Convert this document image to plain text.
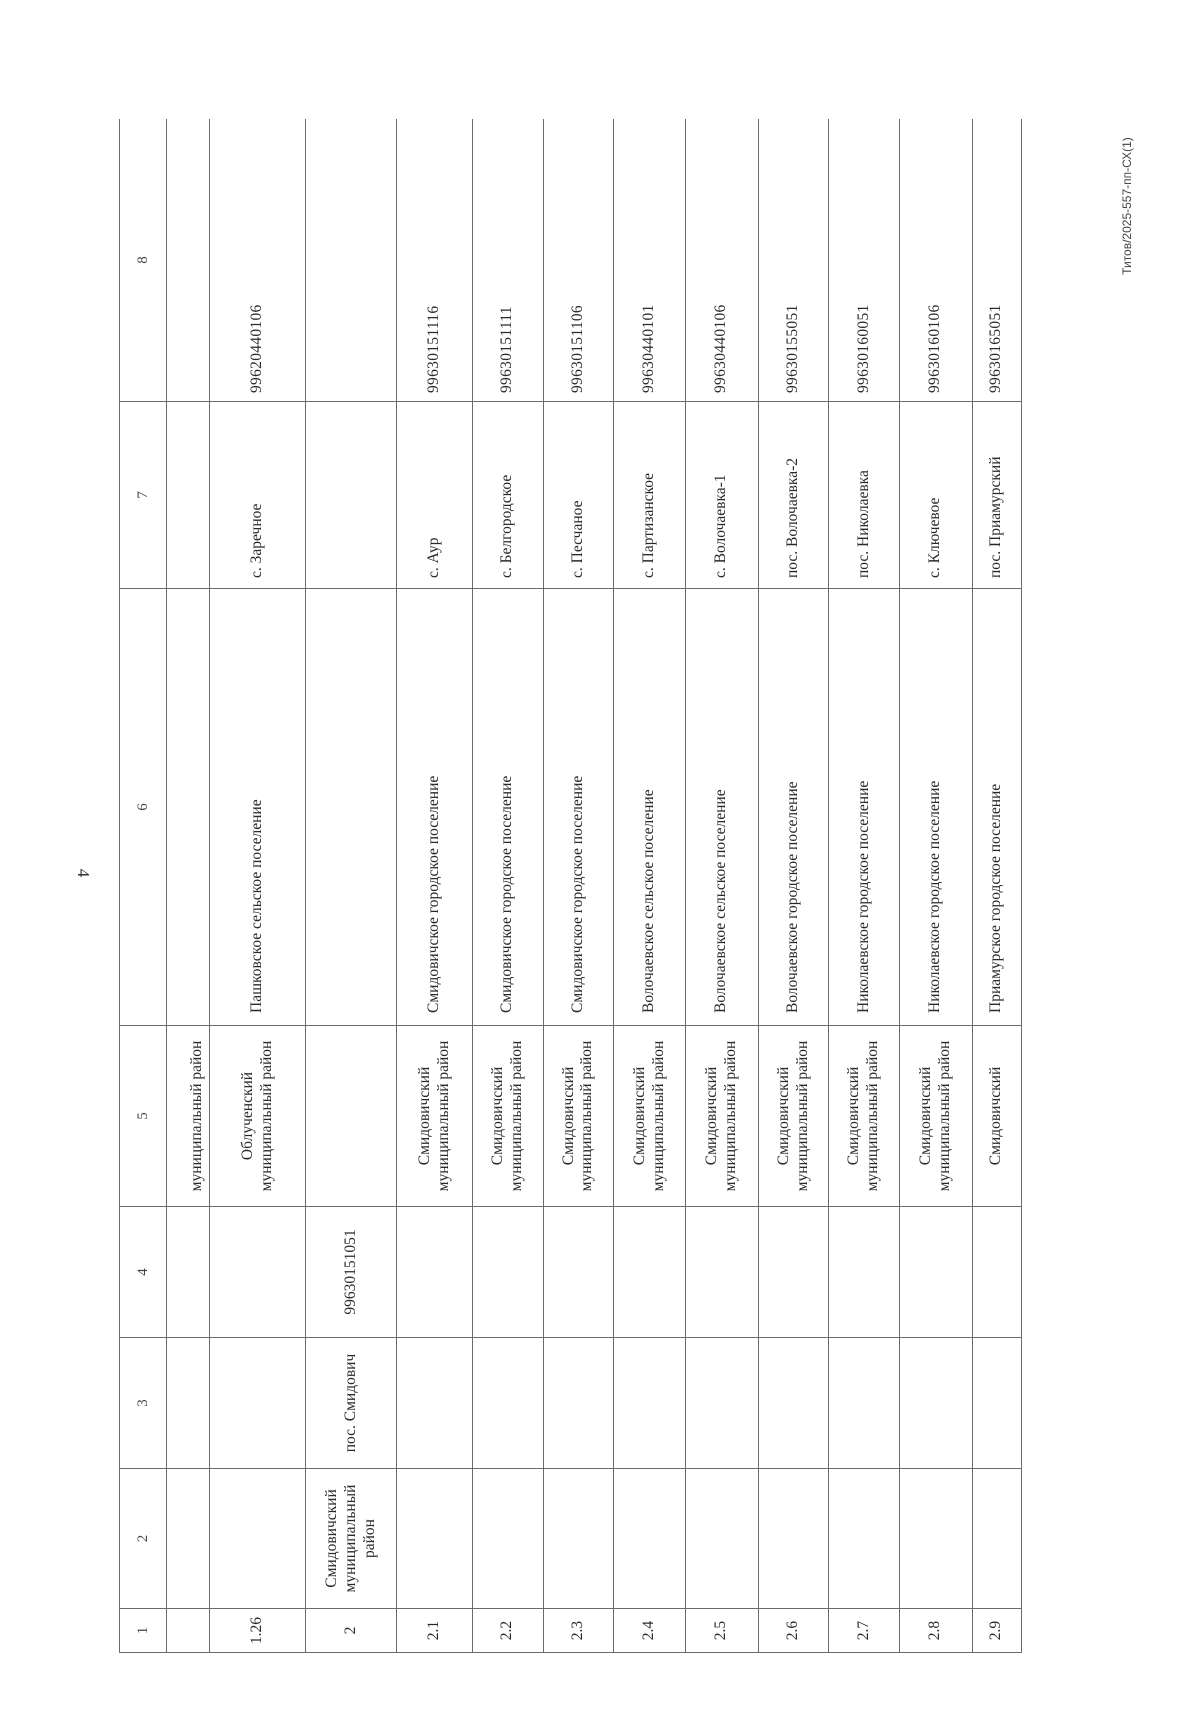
4
Титов/2025-557-пп-СХ(1)
1	2	3	4	5	6	7	8
				муниципальный район			
1.26				Облученский муниципальный район	Пашковское сельское поселение	с. Заречное	99620440106
2	Смидовичский муниципальный район	пос. Смидович	99630151051				
2.1				Смидовичский муниципальный район	Смидовичское городское поселение	с. Аур	99630151116
2.2				Смидовичский муниципальный район	Смидовичское городское поселение	с. Белгородское	99630151111
2.3				Смидовичский муниципальный район	Смидовичское городское поселение	с. Песчаное	99630151106
2.4				Смидовичский муниципальный район	Волочаевское сельское поселение	с. Партизанское	99630440101
2.5				Смидовичский муниципальный район	Волочаевское сельское поселение	с. Волочаевка-1	99630440106
2.6				Смидовичский муниципальный район	Волочаевское городское поселение	пос. Волочаевка-2	99630155051
2.7				Смидовичский муниципальный район	Николаевское городское поселение	пос. Николаевка	99630160051
2.8				Смидовичский муниципальный район	Николаевское городское поселение	с. Ключевое	99630160106
2.9				Смидовичский	Приамурское городское поселение	пос. Приамурский	99630165051
